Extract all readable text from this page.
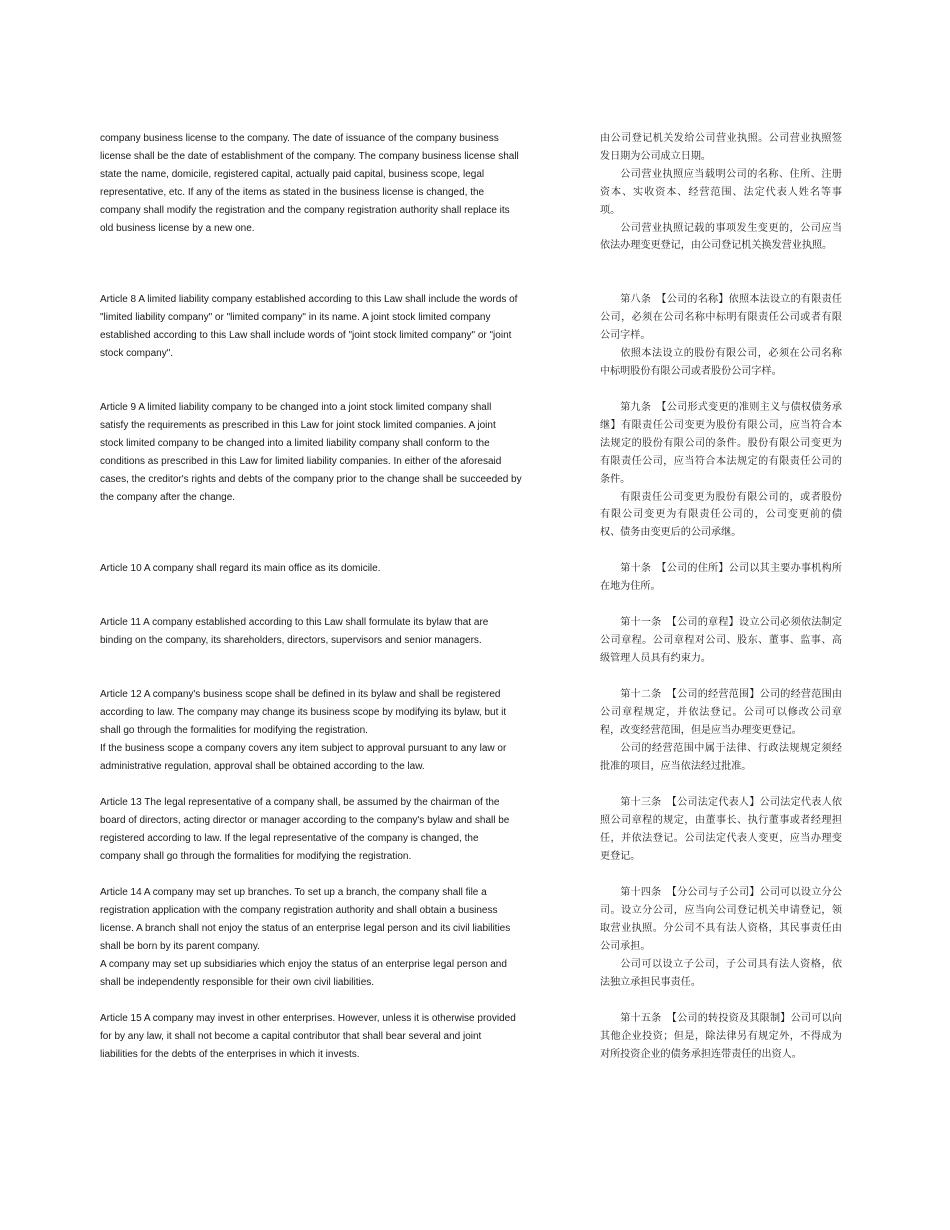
company business license to the company. The date of issuance of the company business
license shall be the date of establishment of the company. The company business license shall
state the name, domicile, registered capital, actually paid capital, business scope, legal
representative, etc. If any of the items as stated in the business license is changed, the
company shall modify the registration and the company registration authority shall replace its
old business license by a new one.

由公司登记机关发给公司营业执照。公司营业执照签发日期为公司成立日期。

公司营业执照应当载明公司的名称、住所、注册资本、实收资本、经营范围、法定代表人姓名等事项。

公司营业执照记载的事项发生变更的，公司应当依法办理变更登记，由公司登记机关换发营业执照。

Article 8 A limited liability company established according to this Law shall include the words of
"limited liability company" or "limited company" in its name. A joint stock limited company
established according to this Law shall include words of "joint stock limited company" or "joint
stock company".

第八条　【公司的名称】依照本法设立的有限责任公司，必须在公司名称中标明有限责任公司或者有限公司字样。

依照本法设立的股份有限公司，必须在公司名称中标明股份有限公司或者股份公司字样。

Article 9 A limited liability company to be changed into a joint stock limited company shall
satisfy the requirements as prescribed in this Law for joint stock limited companies. A joint
stock limited company to be changed into a limited liability company shall conform to the
conditions as prescribed in this Law for limited liability companies. In either of the aforesaid
cases, the creditor's rights and debts of the company prior to the change shall be succeeded by
the company after the change.

第九条　【公司形式变更的准则主义与债权债务承继】有限责任公司变更为股份有限公司，应当符合本法规定的股份有限公司的条件。股份有限公司变更为有限责任公司，应当符合本法规定的有限责任公司的条件。

有限责任公司变更为股份有限公司的，或者股份有限公司变更为有限责任公司的，公司变更前的债权、债务由变更后的公司承继。

Article 10 A company shall regard its main office as its domicile.	第十条　【公司的住所】公司以其主要办事机构所在地为住所。

Article 11 A company established according to this Law shall formulate its bylaw that are
binding on the company, its shareholders, directors, supervisors and senior managers.

第十一条　【公司的章程】设立公司必须依法制定公司章程。公司章程对公司、股东、董事、监事、高级管理人员具有约束力。

Article 12 A company's business scope shall be defined in its bylaw and shall be registered
according to law. The company may change its business scope by modifying its bylaw, but it
shall go through the formalities for modifying the registration.
If the business scope a company covers any item subject to approval pursuant to any law or
administrative regulation, approval shall be obtained according to the law.

第十二条　【公司的经营范围】公司的经营范围由公司章程规定，并依法登记。公司可以修改公司章程，改变经营范围，但是应当办理变更登记。

公司的经营范围中属于法律、行政法规规定须经批准的项目，应当依法经过批准。

Article 13 The legal representative of a company shall, be assumed by the chairman of the
board of directors, acting director or manager according to the company's bylaw and shall be
registered according to law. If the legal representative of the company is changed, the
company shall go through the formalities for modifying the registration.

第十三条　【公司法定代表人】公司法定代表人依照公司章程的规定，由董事长、执行董事或者经理担任，并依法登记。公司法定代表人变更，应当办理变更登记。

Article 14 A company may set up branches. To set up a branch, the company shall file a
registration application with the company registration authority and shall obtain a business
license. A branch shall not enjoy the status of an enterprise legal person and its civil liabilities
shall be born by its parent company.
A company may set up subsidiaries which enjoy the status of an enterprise legal person and
shall be independently responsible for their own civil liabilities.

第十四条　【分公司与子公司】公司可以设立分公司。设立分公司，应当向公司登记机关申请登记，领取营业执照。分公司不具有法人资格，其民事责任由公司承担。

公司可以设立子公司，子公司具有法人资格，依法独立承担民事责任。

Article 15 A company may invest in other enterprises. However, unless it is otherwise provided
for by any law, it shall not become a capital contributor that shall bear several and joint
liabilities for the debts of the enterprises in which it invests.

第十五条　【公司的转投资及其限制】公司可以向其他企业投资；但是，除法律另有规定外，不得成为对所投资企业的债务承担连带责任的出资人。
